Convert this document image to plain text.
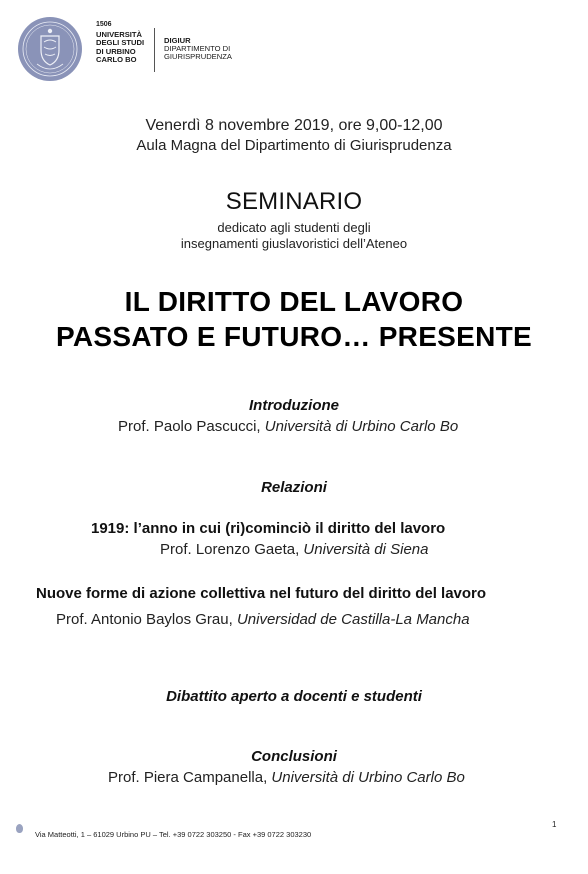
1506
UNIVERSITÀ
DEGLI STUDI
DI URBINO
CARLO BO
DIGIUR
DIPARTIMENTO DI
GIURISPRUDENZA
Venerdì 8 novembre 2019, ore 9,00-12,00
Aula Magna del Dipartimento di Giurisprudenza
SEMINARIO
dedicato agli studenti degli
insegnamenti giuslavoristici dell’Ateneo
IL DIRITTO DEL LAVORO
PASSATO E FUTURO… PRESENTE
Introduzione
Prof. Paolo Pascucci, Università di Urbino Carlo Bo
Relazioni
1919: l’anno in cui (ri)cominciò il diritto del lavoro
Prof. Lorenzo Gaeta, Università di Siena
Nuove forme di azione collettiva nel futuro del diritto del lavoro
Prof. Antonio Baylos Grau, Universidad de Castilla-La Mancha
Dibattito aperto a docenti e studenti
Conclusioni
Prof. Piera Campanella, Università di Urbino Carlo Bo
Via Matteotti, 1 – 61029 Urbino PU – Tel. +39 0722 303250 - Fax +39 0722 303230
1
